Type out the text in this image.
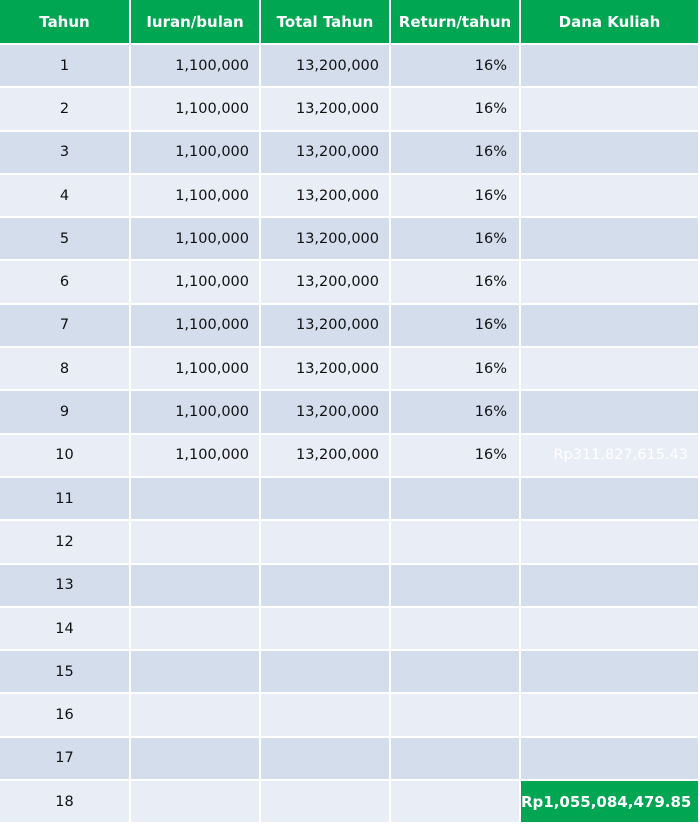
Tahun	Iuran/bulan	Total Tahun	Return/tahun	Dana Kuliah
1	1,100,000	13,200,000	16%	
2	1,100,000	13,200,000	16%	
3	1,100,000	13,200,000	16%	
4	1,100,000	13,200,000	16%	
5	1,100,000	13,200,000	16%	
6	1,100,000	13,200,000	16%	
7	1,100,000	13,200,000	16%	
8	1,100,000	13,200,000	16%	
9	1,100,000	13,200,000	16%	
10	1,100,000	13,200,000	16%	Rp311,827,615.43
11				
12				
13				
14				
15				
16				
17				
18				Rp1,055,084,479.85
